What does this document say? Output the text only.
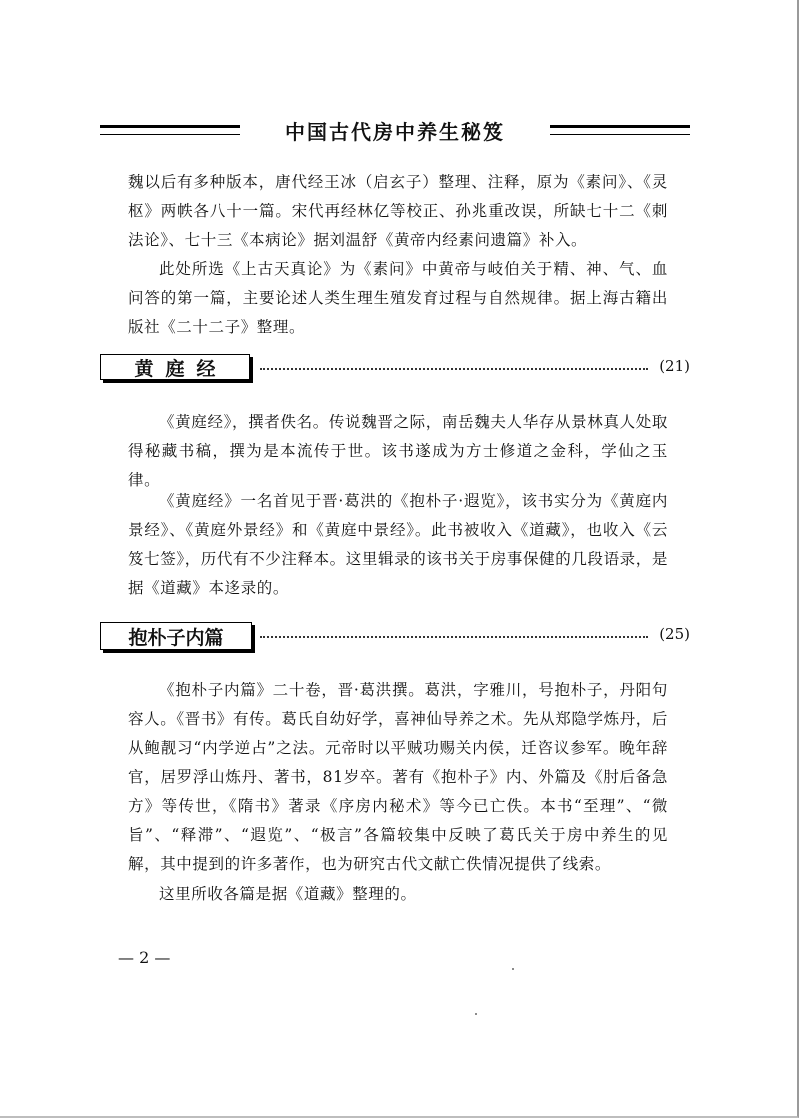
中国古代房中养生秘笈

魏以后有多种版本，唐代经王冰（启玄子）整理、注释，原为《素问》、《灵枢》两帙各八十一篇。宋代再经林亿等校正、孙兆重改误，所缺七十二《刺法论》、七十三《本病论》据刘温舒《黄帝内经素问遗篇》补入。

此处所选《上古天真论》为《素问》中黄帝与岐伯关于精、神、气、血问答的第一篇，主要论述人类生理生殖发育过程与自然规律。据上海古籍出版社《二十二子》整理。

黄庭经	(21)

《黄庭经》，撰者佚名。传说魏晋之际，南岳魏夫人华存从景林真人处取得秘藏书稿，撰为是本流传于世。该书遂成为方士修道之金科，学仙之玉律。

《黄庭经》一名首见于晋·葛洪的《抱朴子·遐览》，该书实分为《黄庭内景经》、《黄庭外景经》和《黄庭中景经》。此书被收入《道藏》，也收入《云笈七签》，历代有不少注释本。这里辑录的该书关于房事保健的几段语录，是据《道藏》本迻录的。

抱朴子内篇	(25)

《抱朴子内篇》二十卷，晋·葛洪撰。葛洪，字雅川，号抱朴子，丹阳句容人。《晋书》有传。葛氏自幼好学，喜神仙导养之术。先从郑隐学炼丹，后从鲍靓习“内学逆占”之法。元帝时以平贼功赐关内侯，迁咨议参军。晚年辞官，居罗浮山炼丹、著书，81岁卒。著有《抱朴子》内、外篇及《肘后备急方》等传世，《隋书》著录《序房内秘术》等今已亡佚。本书“至理”、“微旨”、“释滞”、“遐览”、“极言”各篇较集中反映了葛氏关于房中养生的见解，其中提到的许多著作，也为研究古代文献亡佚情况提供了线索。

这里所收各篇是据《道藏》整理的。

— 2 —
